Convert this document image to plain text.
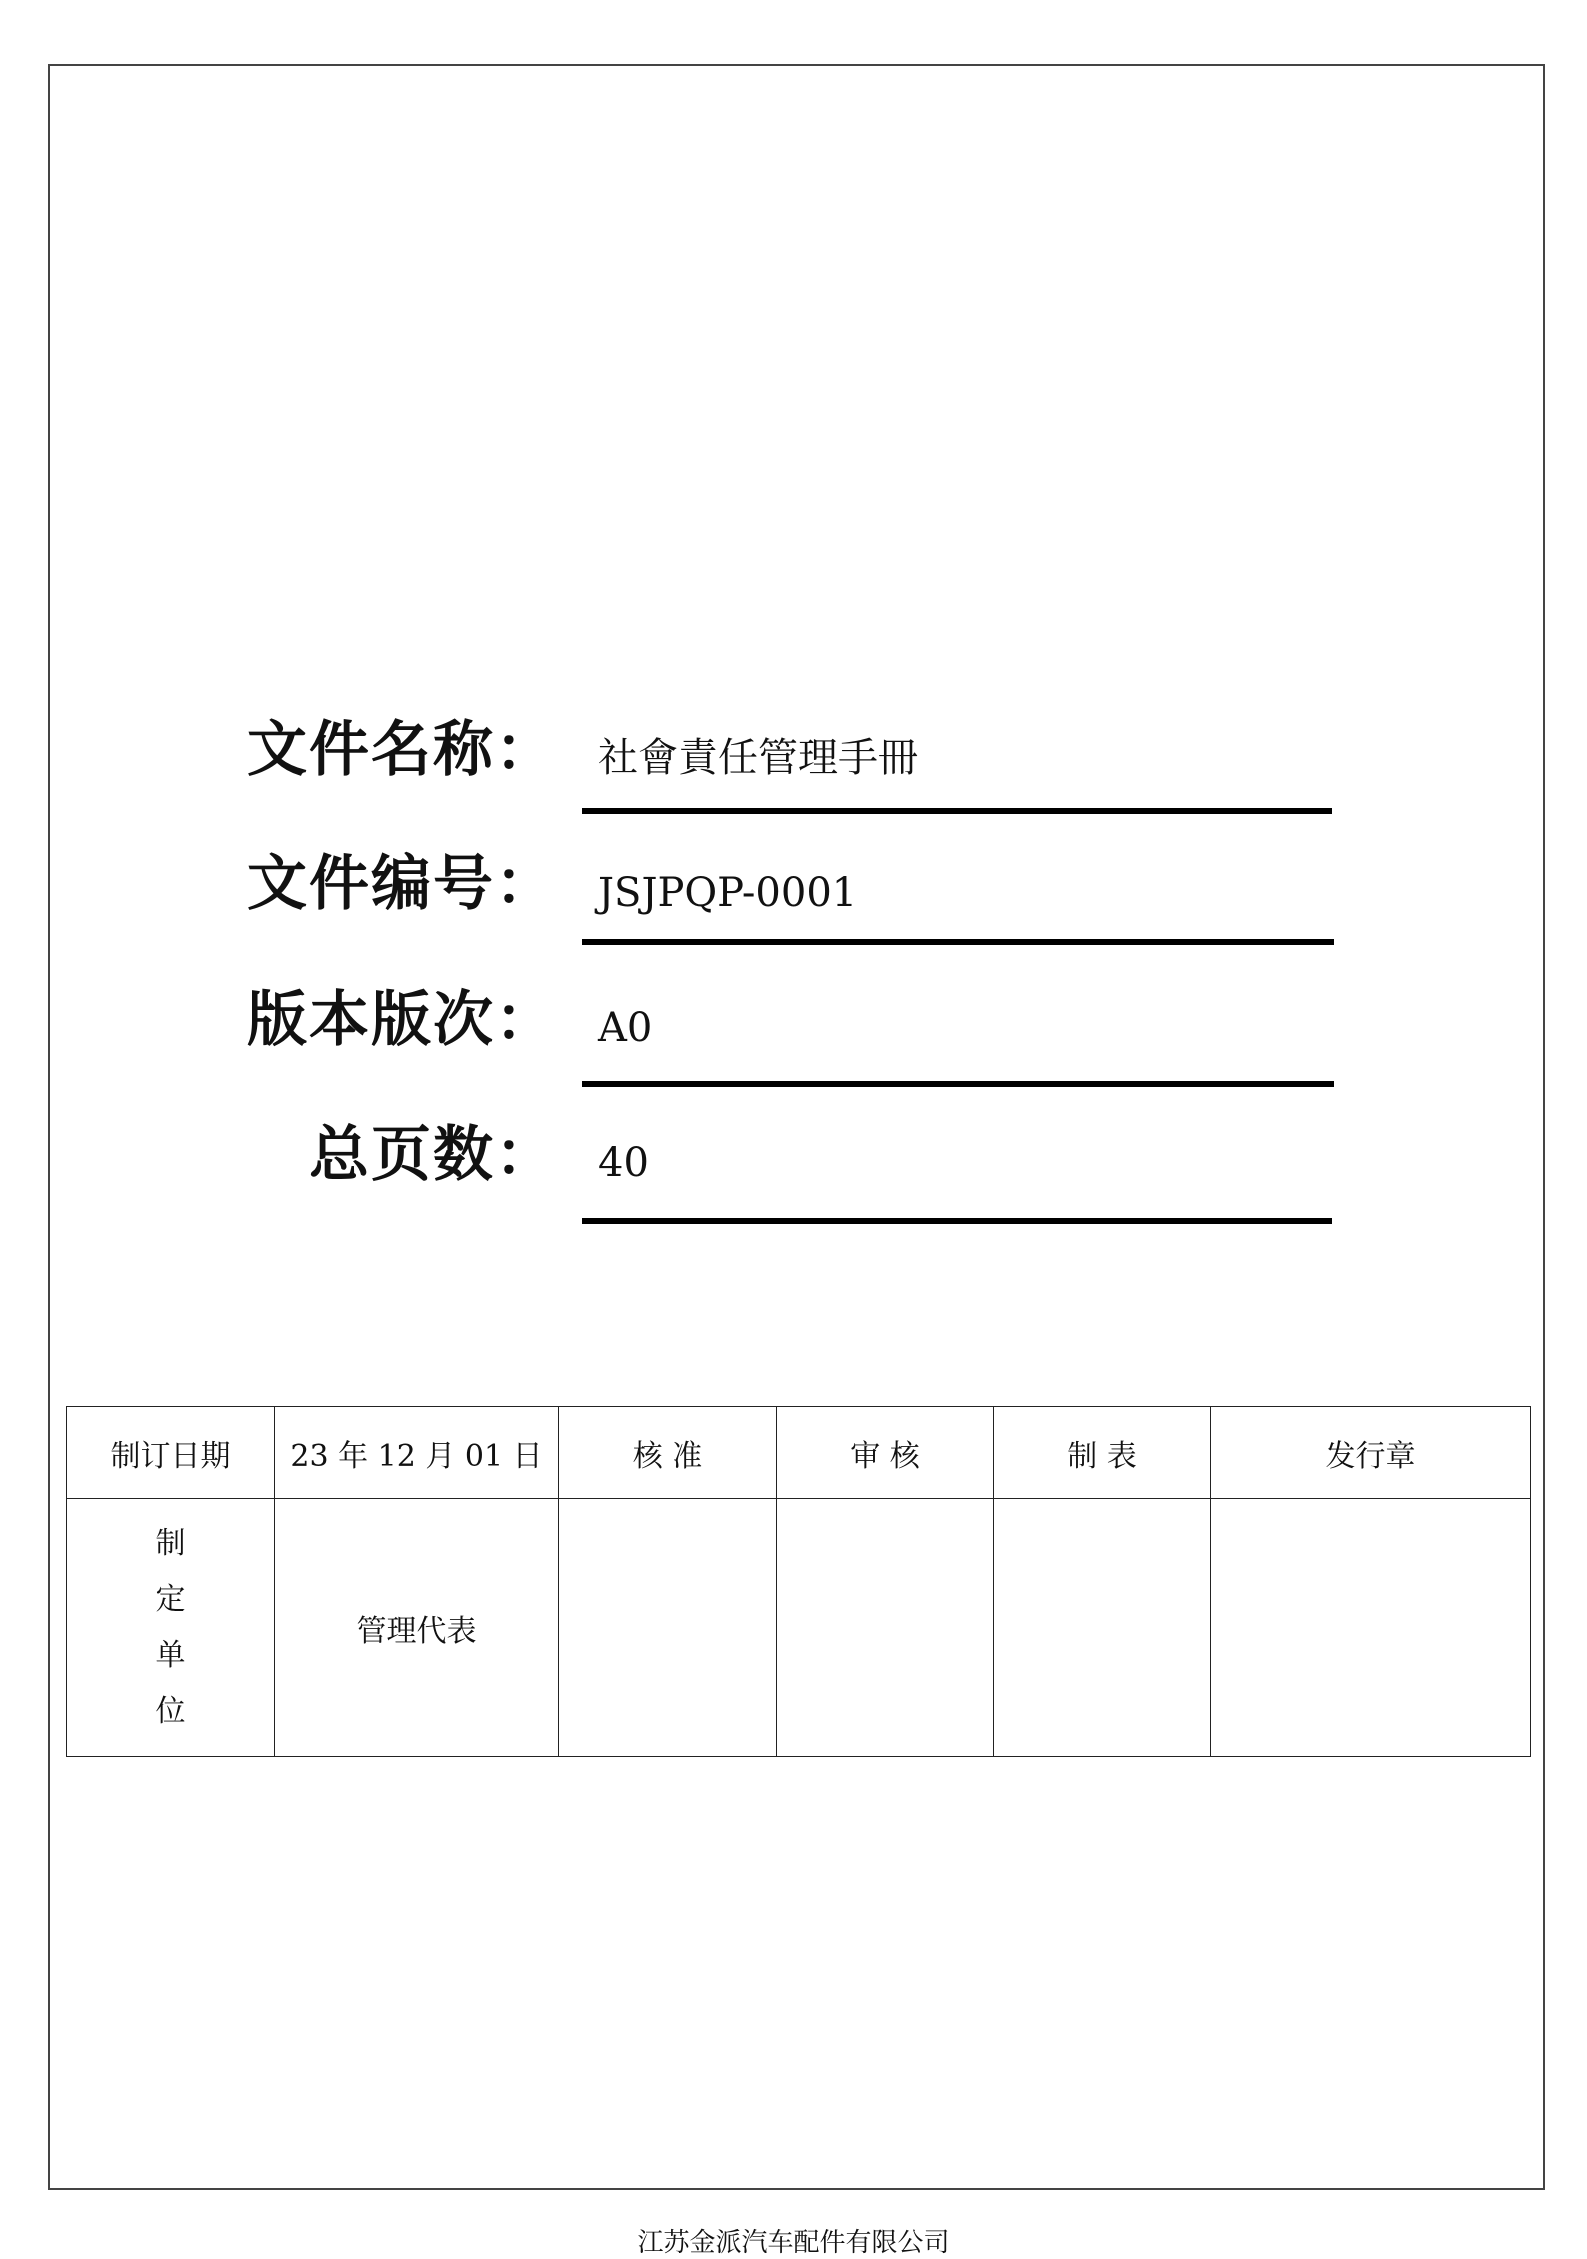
文件名称： 社會責任管理手冊
文件编号： JSJPQP-0001
版本版次： A0
总页数： 40
制订日期	23 年 12 月 01 日	核 准	审 核	制 表	发行章

制
定
单
位	管理代表				
江苏金派汽车配件有限公司
